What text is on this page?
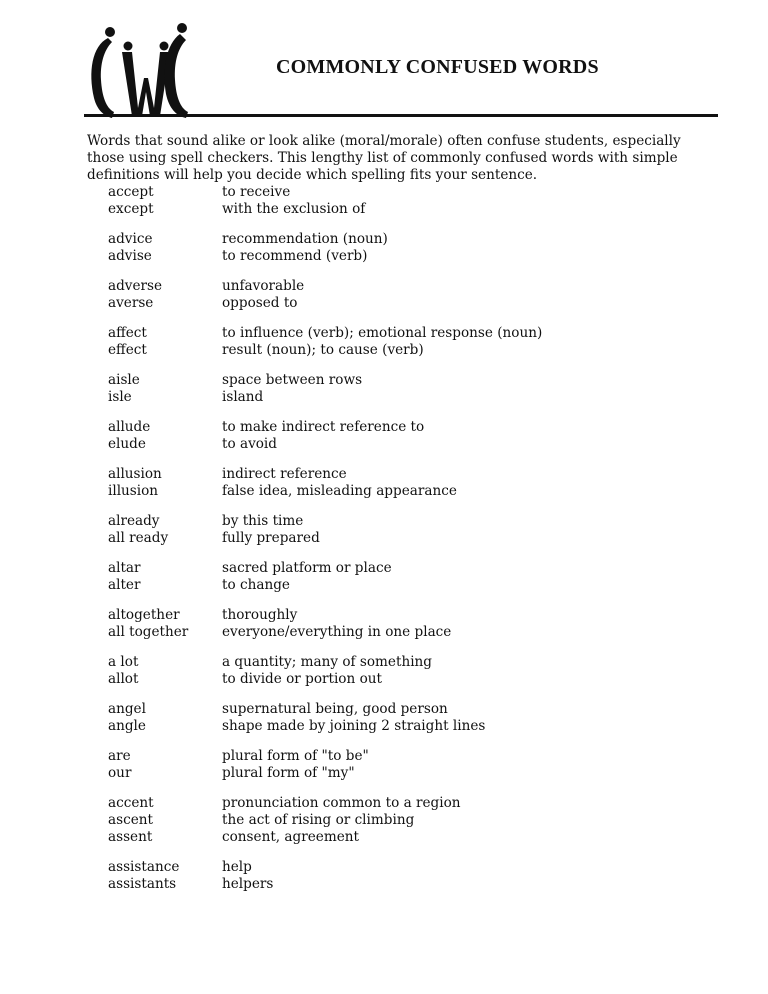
COMMONLY CONFUSED WORDS

Words that sound alike or look alike (moral/morale) often confuse students, especially those using spell checkers. This lengthy list of commonly confused words with simple definitions will help you decide which spelling fits your sentence.

accept	to receive
except	with the exclusion of
advice	recommendation (noun)
advise	to recommend (verb)
adverse	unfavorable
averse	opposed to
affect	to influence (verb); emotional response (noun)
effect	result (noun); to cause (verb)
aisle	space between rows
isle	island
allude	to make indirect reference to
elude	to avoid
allusion	indirect reference
illusion	false idea, misleading appearance
already	by this time
all ready	fully prepared
altar	sacred platform or place
alter	to change
altogether	thoroughly
all together	everyone/everything in one place
a lot	a quantity; many of something
allot	to divide or portion out
angel	supernatural being, good person
angle	shape made by joining 2 straight lines
are	plural form of "to be"
our	plural form of "my"
accent	pronunciation common to a region
ascent	the act of rising or climbing
assent	consent, agreement
assistance	help
assistants	helpers
